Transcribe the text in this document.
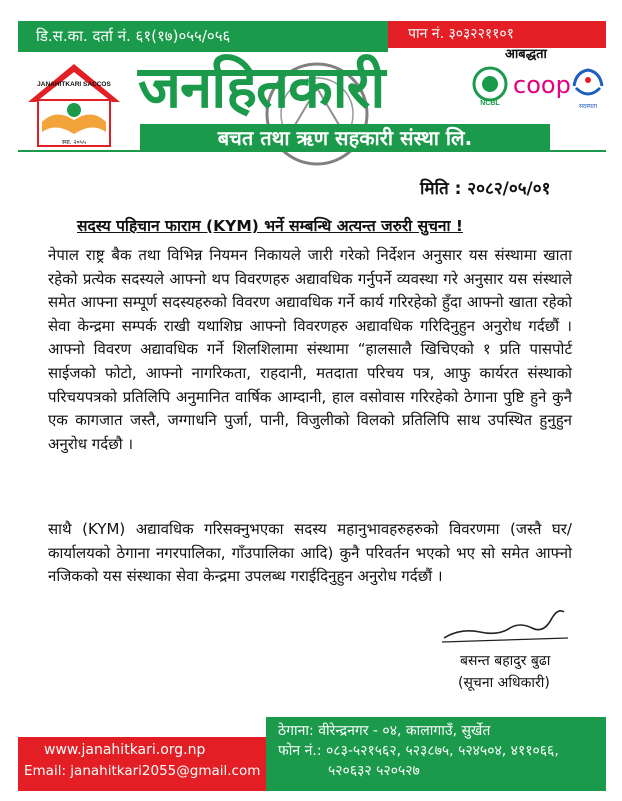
डि.स.का. दर्ता नं. ६१(१७)०५५/०५६	पान नं. ३०३२२११०१
JANAHITKARI SACCOS
स्था. २०५५
जनहितकारी
बचत तथा ऋण सहकारी संस्था लि.
आबद्धता
NCBL
coop
सदस्यता
मिति : २०८२/०५/०१
सदस्य पहिचान फाराम (KYM) भर्ने सम्बन्धि अत्यन्त जरुरी सुचना !
नेपाल राष्ट्र बैक तथा विभिन्न नियमन निकायले जारी गरेको निर्देशन अनुसार यस संस्थामा खाता रहेको प्रत्येक सदस्यले आफ्नो थप विवरणहरु अद्यावधिक गर्नुपर्ने व्यवस्था गरे अनुसार यस संस्थाले समेत आफ्ना सम्पूर्ण सदस्यहरुको विवरण अद्यावधिक गर्ने कार्य गरिरहेको हुँदा आफ्नो खाता रहेको सेवा केन्द्रमा सम्पर्क राखी यथाशिघ्र आफ्नो विवरणहरु अद्यावधिक गरिदिनुहुन अनुरोध गर्दछौं । आफ्नो विवरण अद्यावधिक गर्ने शिलशिलामा संस्थामा “हालसालै खिचिएको १ प्रति पासपोर्ट साईजको फोटो, आफ्नो नागरिकता, राहदानी, मतदाता परिचय पत्र, आफु कार्यरत संस्थाको परिचयपत्रको प्रतिलिपि अनुमानित वार्षिक आम्दानी, हाल वसोवास गरिरहेको ठेगाना पुष्टि हुने कुनै एक कागजात जस्तै, जग्गाधनि पुर्जा, पानी, विजुलीको विलको प्रतिलिपि साथ उपस्थित हुनुहुन अनुरोध गर्दछौ ।
साथै (KYM) अद्यावधिक गरिसक्नुभएका सदस्य महानुभावहरुहरुको विवरणमा (जस्तै घर/कार्यालयको ठेगाना नगरपालिका, गाँउपालिका आदि) कुनै परिवर्तन भएको भए सो समेत आफ्नो नजिकको यस संस्थाका सेवा केन्द्रमा उपलब्ध गराईदिनुहुन अनुरोध गर्दछौं ।
बसन्त बहादुर बुढा
(सूचना अधिकारी)
www.janahitkari.org.np
Email: janahitkari2055@gmail.com
ठेगाना: वीरेन्द्रनगर - ०४, कालागाउँ, सुर्खेत
फोन नं.: ०८३-५२१५६२, ५२३८७५, ५२४५०४, ४११०६६,
५२०६३२ ५२०५२७
